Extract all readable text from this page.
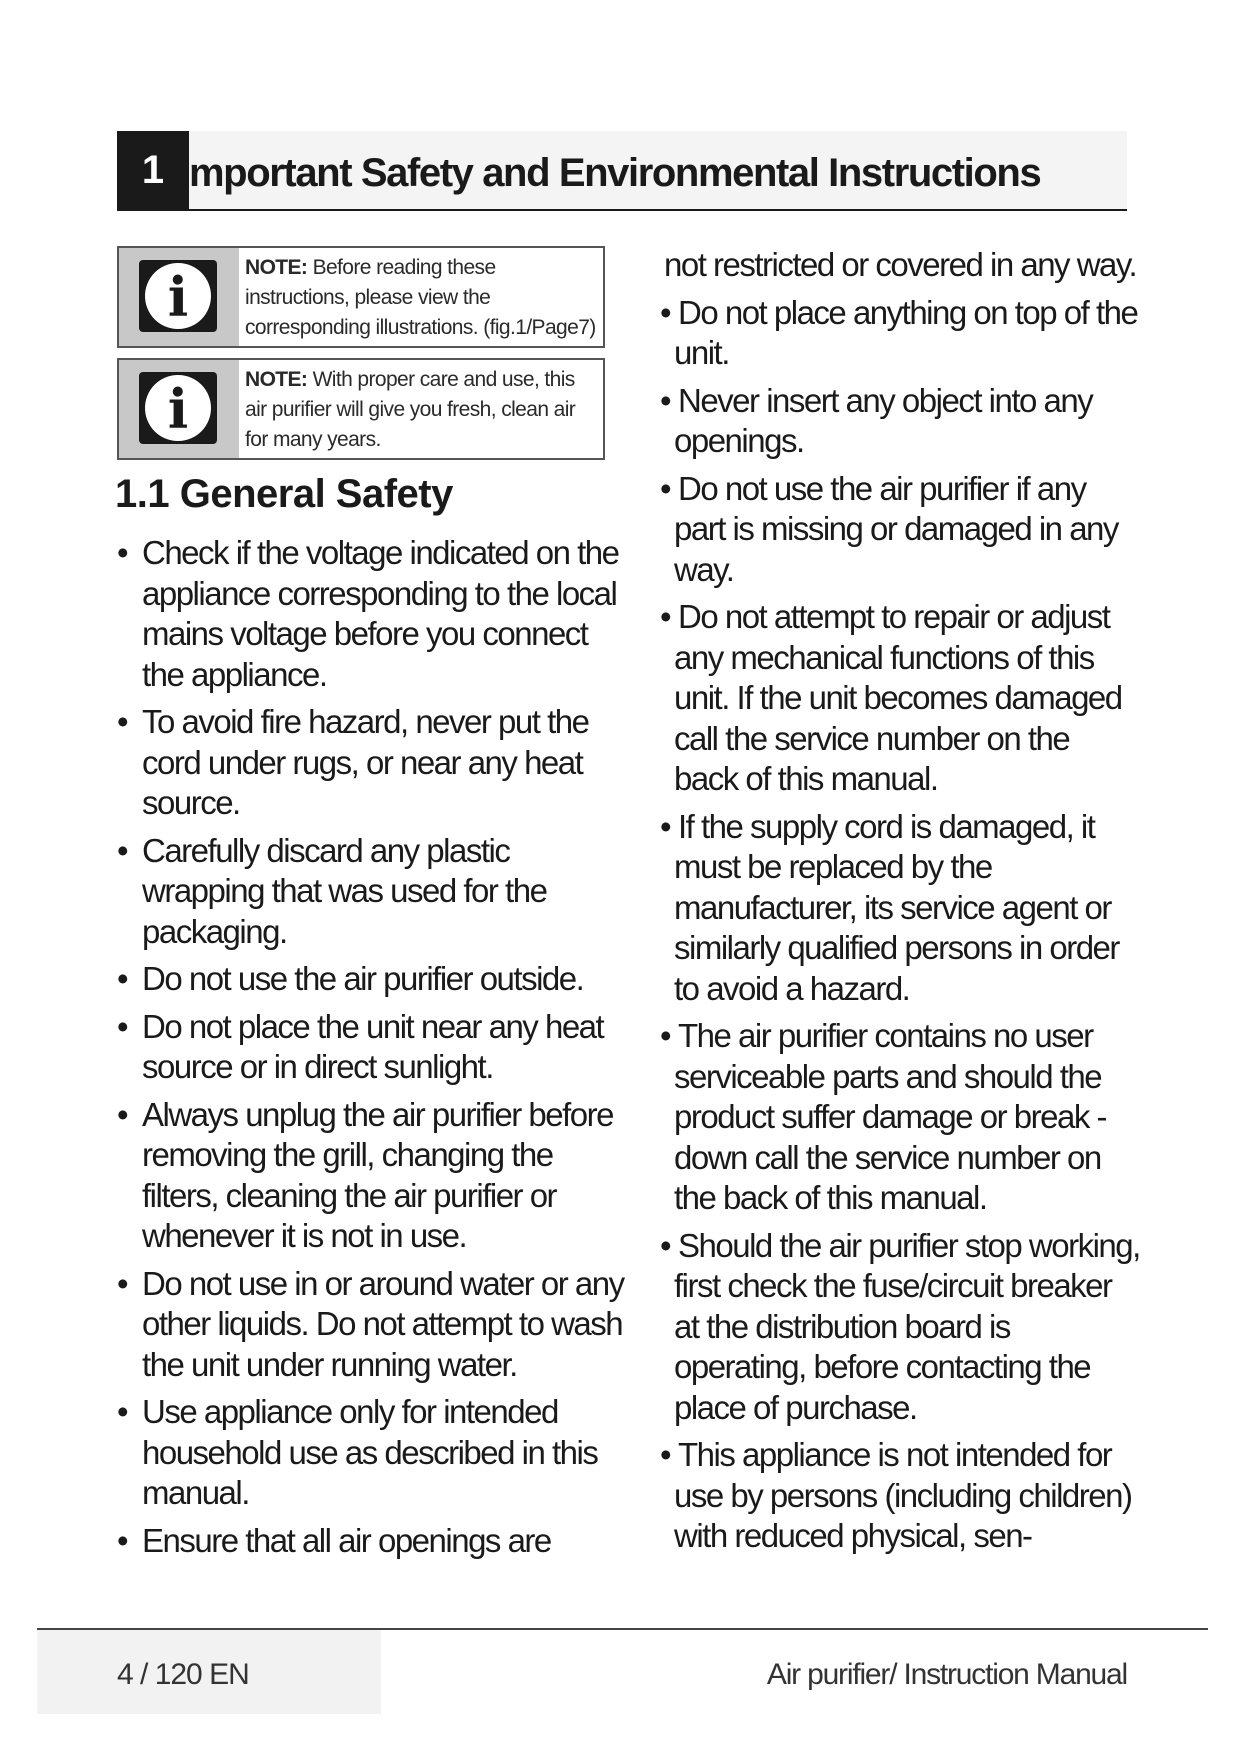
1 mportant Safety and Environmental Instructions
i	NOTE: Before reading these instructions, please view the corresponding illustrations. (fig.1/Page7)
i	NOTE: With proper care and use, this air purifier will give you fresh, clean air for many years.
1.1 General Safety
• Check if the voltage indicated on the appliance corresponding to the local mains voltage before you connect the appliance.
• To avoid fire hazard, never put the cord under rugs, or near any heat source.
• Carefully discard any plastic wrapping that was used for the packaging.
• Do not use the air purifier outside.
• Do not place the unit near any heat source or in direct sunlight.
• Always unplug the air purifier before removing the grill, changing the filters, cleaning the air purifier or whenever it is not in use.
• Do not use in or around water or any other liquids. Do not attempt to wash the unit under running water.
• Use appliance only for intended household use as described in this manual.
• Ensure that all air openings are
not restricted or covered in any way.
• Do not place anything on top of the unit.
• Never insert any object into any openings.
• Do not use the air purifier if any part is missing or damaged in any way.
• Do not attempt to repair or adjust any mechanical functions of this unit. If the unit becomes damaged call the service number on the back of this manual.
• If the supply cord is damaged, it must be replaced by the manufacturer, its service agent or similarly qualified persons in order to avoid a hazard.
• The air purifier contains no user serviceable parts and should the product suffer damage or break - down call the service number on the back of this manual.
• Should the air purifier stop working, first check the fuse/circuit breaker at the distribution board is operating, before contacting the place of purchase.
• This appliance is not intended for use by persons (including children) with reduced physical, sen-
4 / 120 EN	Air purifier/ Instruction Manual
